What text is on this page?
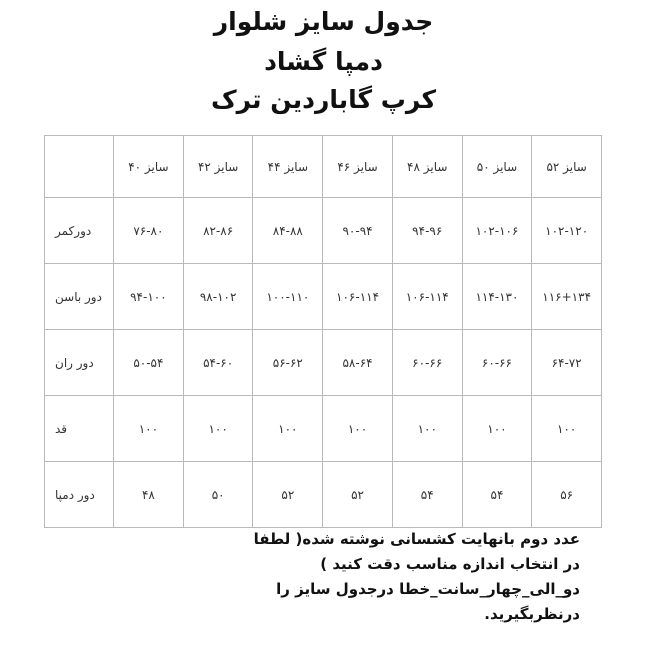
جدول سایز شلوار
دمپا گشاد
کرپ گاباردین ترک
سایز ۵۲	سایز ۵۰	سایز ۴۸	سایز ۴۶	سایز ۴۴	سایز ۴۲	سایز ۴۰	
۱۰۲-۱۲۰	۱۰۲-۱۰۶	۹۴-۹۶	۹۰-۹۴	۸۴-۸۸	۸۲-۸۶	۷۶-۸۰	دورکمر
۱۱۶+۱۳۴	۱۱۴-۱۳۰	۱۰۶-۱۱۴	۱۰۶-۱۱۴	۱۰۰-۱۱۰	۹۸-۱۰۲	۹۴-۱۰۰	دور باسن
۶۴-۷۲	۶۰-۶۶	۶۰-۶۶	۵۸-۶۴	۵۶-۶۲	۵۴-۶۰	۵۰-۵۴	دور ران
۱۰۰	۱۰۰	۱۰۰	۱۰۰	۱۰۰	۱۰۰	۱۰۰	قد
۵۶	۵۴	۵۴	۵۲	۵۲	۵۰	۴۸	دور دمپا
عدد دوم بانهایت کشسانی نوشته شده( لطفا
در انتخاب اندازه مناسب دقت کنید )
دو_الی_چهار_سانت_خطا درجدول سایز را
درنظربگیرید.
